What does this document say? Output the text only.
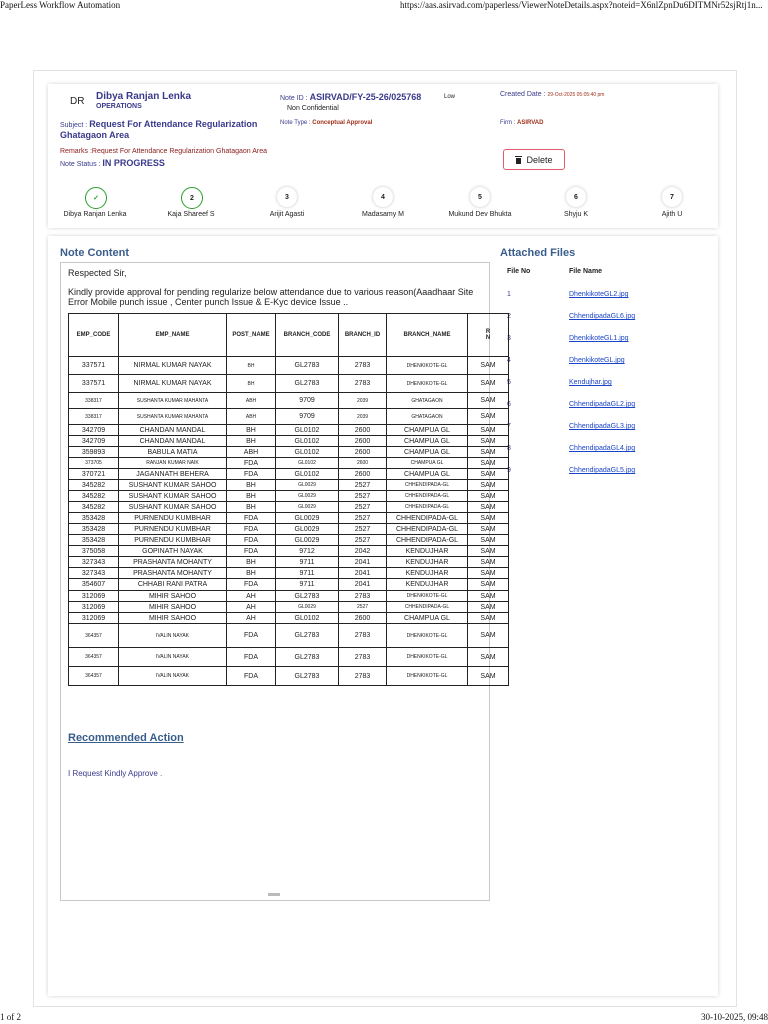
PaperLess Workflow Automation	https://aas.asirvad.com/paperless/ViewerNoteDetails.aspx?noteid=X6nlZpnDu6DITMNr52sjRtj1n...
DR Dibya Ranjan Lenka
OPERATIONS
Note ID : ASIRVAD/FY-25-26/025768	Low
Non Confidential
Created Date : 29-Oct-2025 05:05:40 pm
Subject : Request For Attendance Regularization
Ghatagaon Area
Note Type : Conceptual Approval	Firm : ASIRVAD
Remarks :Request For Attendance Regularization Ghatagaon Area
Note Status : IN PROGRESS	Delete
✓
Dibya Ranjan Lenka
2
Kaja Shareef S
3
Arijit Agasti
4
Madasamy M
5
Mukund Dev Bhukta
6
Shyju K
7
Ajith U
Note Content	Attached Files
File No	File Name
1	DhenkikoteGL2.jpg
2	ChhendipadaGL6.jpg
3	DhenkikoteGL1.jpg
4	DhenkikoteGL.jpg
5	Kendujhar.jpg
6	ChhendipadaGL2.jpg
7	ChhendipadaGL3.jpg
8	ChhendipadaGL4.jpg
9	ChhendipadaGL5.jpg
Respected Sir,
Kindly provide approval for pending regularize below attendance due to various reason(Aaadhaar Site Error Mobile punch issue , Center punch Issue & E-Kyc device Issue ..
EMP_CODE	EMP_NAME	POST_NAME	BRANCH_CODE	BRANCH_ID	BRANCH_NAME	R
N
337571	NIRMAL KUMAR NAYAK	BH	GL2783	2783	DHENKIKOTE-GL	SAM
337571	NIRMAL KUMAR NAYAK	BH	GL2783	2783	DHENKIKOTE-GL	SAM
338317	SUSHANTA KUMAR MAHANTA	ABH	9709	2039	GHATAGAON	SAM
338317	SUSHANTA KUMAR MAHANTA	ABH	9709	2039	GHATAGAON	SAM
342709	CHANDAN MANDAL	BH	GL0102	2600	CHAMPUA GL	SAM
342709	CHANDAN MANDAL	BH	GL0102	2600	CHAMPUA GL	SAM
359893	BABULA MATIA	ABH	GL0102	2600	CHAMPUA GL	SAM
373705	RANJAN KUMAR NAIK	FDA	GL0102	2600	CHAMPUA GL	SAM
370721	JAGANNATH BEHERA	FDA	GL0102	2600	CHAMPUA GL	SAM
345282	SUSHANT KUMAR SAHOO	BH	GL0029	2527	CHHENDIPADA-GL	SAM
345282	SUSHANT KUMAR SAHOO	BH	GL0029	2527	CHHENDIPADA-GL	SAM
345282	SUSHANT KUMAR SAHOO	BH	GL0029	2527	CHHENDIPADA-GL	SAM
353428	PURNENDU KUMBHAR	FDA	GL0029	2527	CHHENDIPADA-GL	SAM
353428	PURNENDU KUMBHAR	FDA	GL0029	2527	CHHENDIPADA-GL	SAM
353428	PURNENDU KUMBHAR	FDA	GL0029	2527	CHHENDIPADA-GL	SAM
375058	GOPINATH NAYAK	FDA	9712	2042	KENDUJHAR	SAM
327343	PRASHANTA MOHANTY	BH	9711	2041	KENDUJHAR	SAM
327343	PRASHANTA MOHANTY	BH	9711	2041	KENDUJHAR	SAM
354607	CHHABI RANI PATRA	FDA	9711	2041	KENDUJHAR	SAM
312069	MIHIR SAHOO	AH	GL2783	2783	DHENKIKOTE-GL	SAM
312069	MIHIR SAHOO	AH	GL0029	2527	CHHENDIPADA-GL	SAM
312069	MIHIR SAHOO	AH	GL0102	2600	CHAMPUA GL	SAM
364357	IVALIN NAYAK	FDA	GL2783	2783	DHENKIKOTE-GL	SAM
364357	IVALIN NAYAK	FDA	GL2783	2783	DHENKIKOTE-GL	SAM
364357	IVALIN NAYAK	FDA	GL2783	2783	DHENKIKOTE-GL	SAM
Recommended Action
I Request Kindly Approve .
1 of 2	30-10-2025, 09:48
